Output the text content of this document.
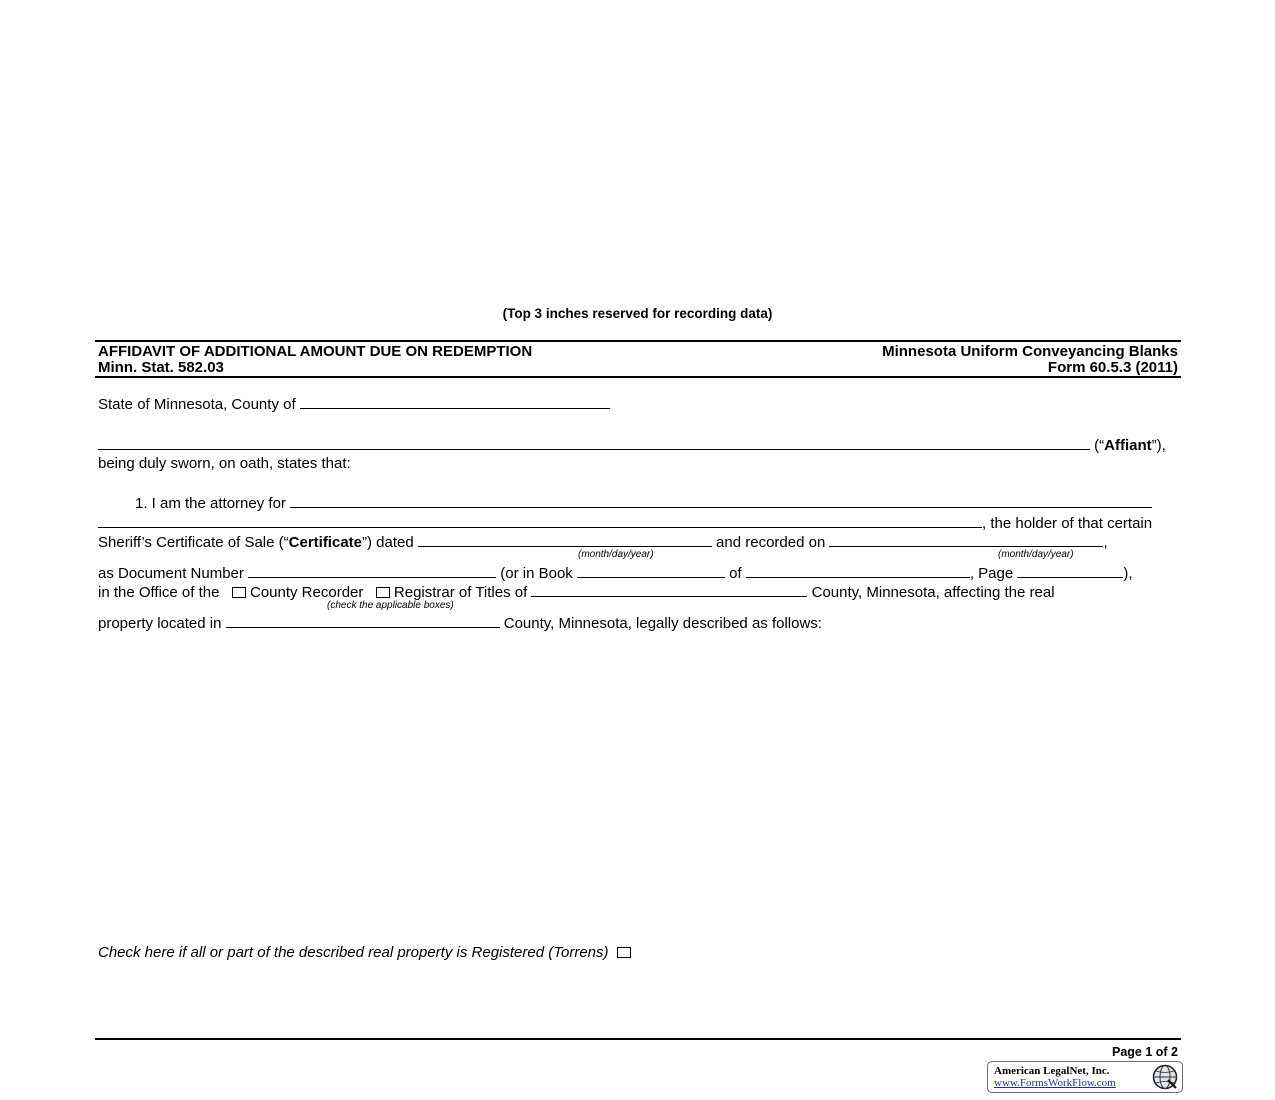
(Top 3 inches reserved for recording data)
AFFIDAVIT OF ADDITIONAL AMOUNT DUE ON REDEMPTION
Minn. Stat. 582.03
Minnesota Uniform Conveyancing Blanks
Form 60.5.3 (2011)
State of Minnesota, County of
(“Affiant”),
being duly sworn, on oath, states that:
1. I am the attorney for
, the holder of that certain
Sheriff’s Certificate of Sale (“Certificate”) dated	and recorded on	,
(month/day/year)	(month/day/year)
as Document Number	(or in Book	of	, Page	),
in the Office of the County Recorder Registrar of Titles of	County, Minnesota, affecting the real
(check the applicable boxes)
property located in	County, Minnesota, legally described as follows:
Check here if all or part of the described real property is Registered (Torrens)
Page 1 of 2
American LegalNet, Inc.
www.FormsWorkFlow.com
